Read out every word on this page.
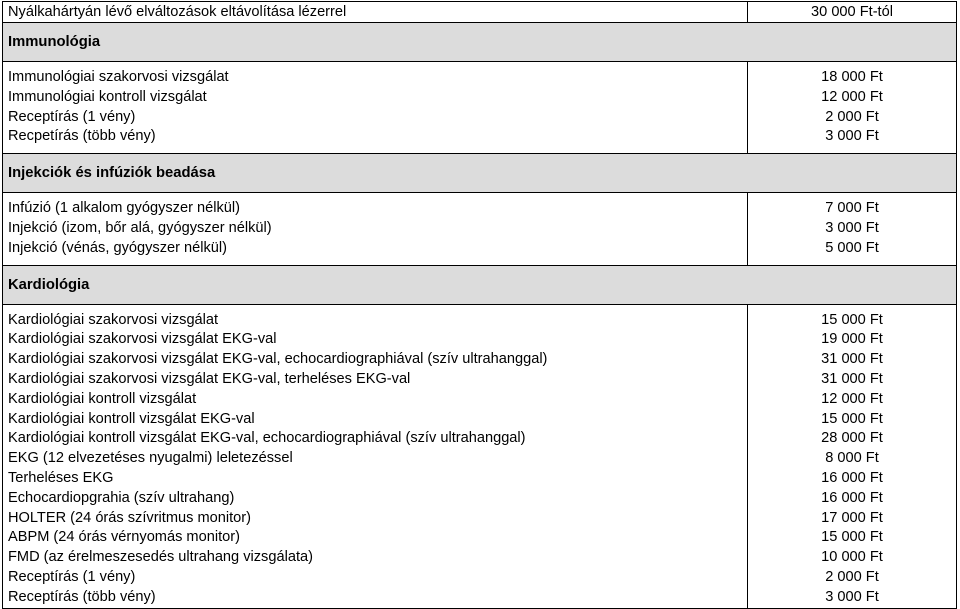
Nyálkahártyán lévő elváltozások eltávolítása lézerrel	30 000 Ft-tól
Immunológia
Immunológiai szakorvosi vizsgálat
Immunológiai kontroll vizsgálat
Receptírás (1 vény)
Recpetírás (több vény)
18 000 Ft
12 000 Ft
2 000 Ft
3 000 Ft
Injekciók és infúziók beadása
Infúzió (1 alkalom gyógyszer nélkül)
Injekció (izom, bőr alá, gyógyszer nélkül)
Injekció (vénás, gyógyszer nélkül)
7 000 Ft
3 000 Ft
5 000 Ft
Kardiológia
Kardiológiai szakorvosi vizsgálat
Kardiológiai szakorvosi vizsgálat EKG-val
Kardiológiai szakorvosi vizsgálat EKG-val, echocardiographiával (szív ultrahanggal)
Kardiológiai szakorvosi vizsgálat EKG-val, terheléses EKG-val
Kardiológiai kontroll vizsgálat
Kardiológiai kontroll vizsgálat EKG-val
Kardiológiai kontroll vizsgálat EKG-val, echocardiographiával (szív ultrahanggal)
EKG (12 elvezetéses nyugalmi) leletezéssel
Terheléses EKG
Echocardiopgrahia (szív ultrahang)
HOLTER (24 órás szívritmus monitor)
ABPM (24 órás vérnyomás monitor)
FMD (az érelmeszesedés ultrahang vizsgálata)
Receptírás (1 vény)
Receptírás (több vény)
15 000 Ft
19 000 Ft
31 000 Ft
31 000 Ft
12 000 Ft
15 000 Ft
28 000 Ft
8 000 Ft
16 000 Ft
16 000 Ft
17 000 Ft
15 000 Ft
10 000 Ft
2 000 Ft
3 000 Ft
